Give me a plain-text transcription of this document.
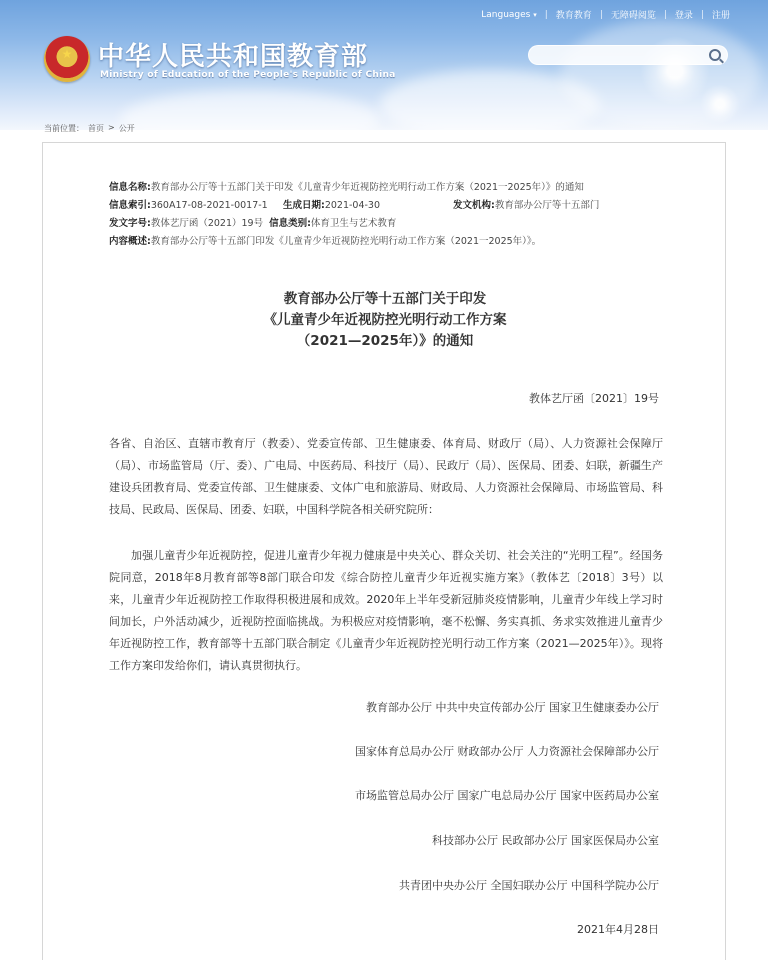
Languages ▾ | 教育教育 | 无障碍阅览 | 登录 | 注册
★ 中华人民共和国教育部
Ministry of Education of the People's Republic of China
当前位置： 首页 > 公开
信息名称: 教育部办公厅等十五部门关于印发《儿童青少年近视防控光明行动工作方案（2021一2025年）》的通知
信息索引: 360A17-08-2021-0017-1 生成日期: 2021-04-30	发文机构: 教育部办公厅等十五部门
发文字号: 教体艺厅函（2021）19号 信息类别: 体育卫生与艺术教育
内容概述: 教育部办公厅等十五部门印发《儿童青少年近视防控光明行动工作方案（2021一2025年）》。
教育部办公厅等十五部门关于印发
《儿童青少年近视防控光明行动工作方案
（2021—2025年）》的通知
教体艺厅函〔2021〕19号
各省、自治区、直辖市教育厅（教委）、党委宣传部、卫生健康委、体育局、财政厅（局）、人力资源社会保障厅（局）、市场监管局（厅、委）、广电局、中医药局、科技厅（局）、民政厅（局）、医保局、团委、妇联，新疆生产建设兵团教育局、党委宣传部、卫生健康委、文体广电和旅游局、财政局、人力资源社会保障局、市场监管局、科技局、民政局、医保局、团委、妇联，中国科学院各相关研究院所：
加强儿童青少年近视防控，促进儿童青少年视力健康是中央关心、群众关切、社会关注的“光明工程”。经国务院同意，2018年8月教育部等8部门联合印发《综合防控儿童青少年近视实施方案》（教体艺〔2018〕3号）以来，儿童青少年近视防控工作取得积极进展和成效。2020年上半年受新冠肺炎疫情影响，儿童青少年线上学习时间加长，户外活动减少，近视防控面临挑战。为积极应对疫情影响，毫不松懈、务实真抓、务求实效推进儿童青少年近视防控工作，教育部等十五部门联合制定《儿童青少年近视防控光明行动工作方案（2021—2025年）》。现将工作方案印发给你们，请认真贯彻执行。
教育部办公厅 中共中央宣传部办公厅 国家卫生健康委办公厅
国家体育总局办公厅 财政部办公厅 人力资源社会保障部办公厅
市场监管总局办公厅 国家广电总局办公厅 国家中医药局办公室
科技部办公厅 民政部办公厅 国家医保局办公室
共青团中央办公厅 全国妇联办公厅 中国科学院办公厅
2021年4月28日
